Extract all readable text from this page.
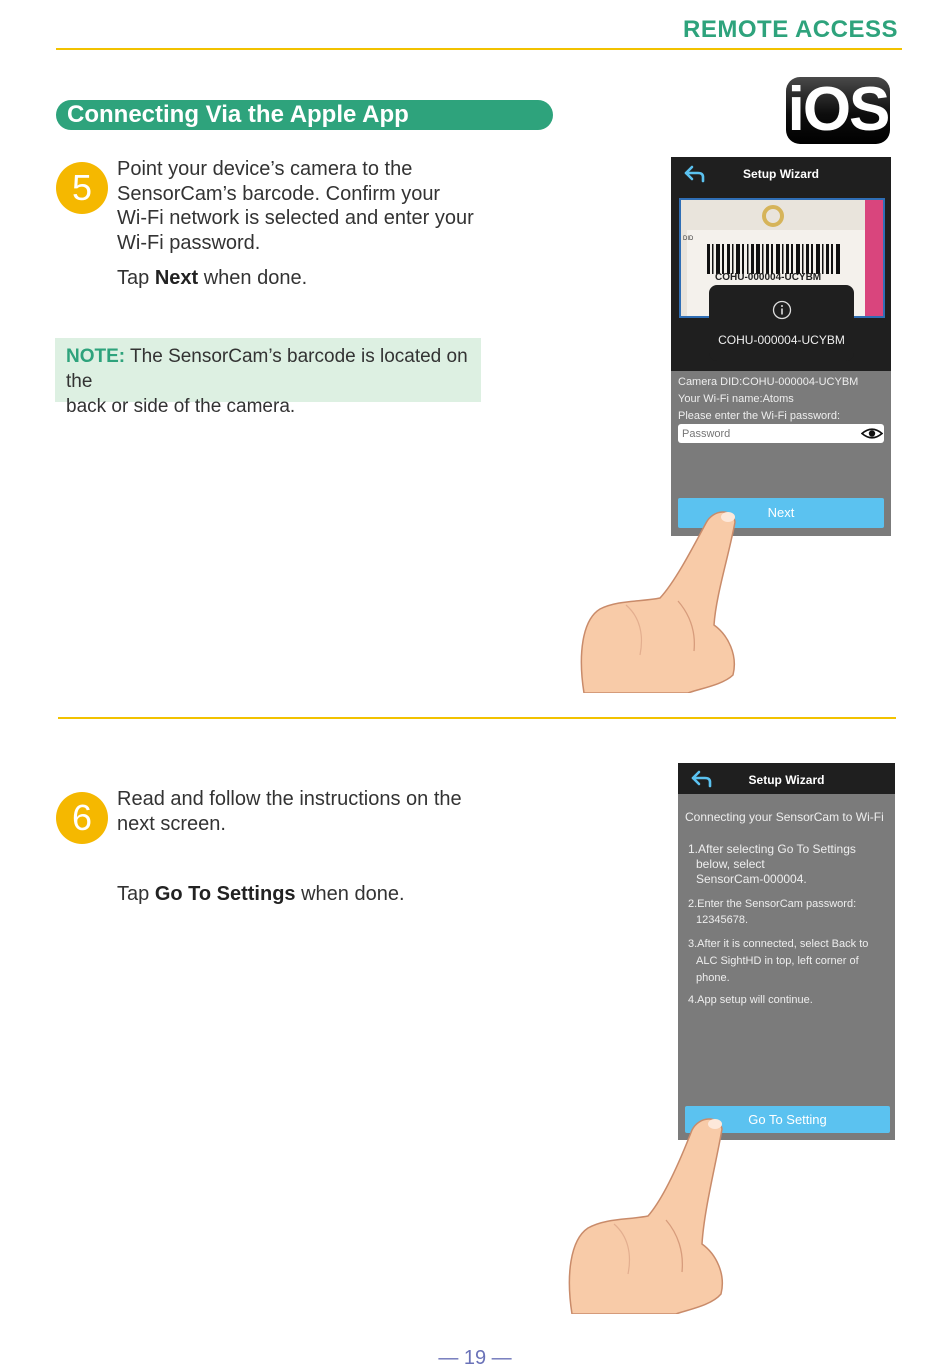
REMOTE ACCESS
Connecting Via the Apple App	iOS
5	Point your device’s camera to the
SensorCam’s barcode. Confirm your
Wi-Fi network is selected and enter your
Wi-Fi password.
Tap Next when done.
NOTE: The SensorCam’s barcode is located on the
back or side of the camera.
Setup Wizard
DID
COHU-000004-UCYBM
COHU-000004-UCYBM
Camera DID:COHU-000004-UCYBM
Your Wi-Fi name:Atoms
Please enter the Wi-Fi password:
Password
Next
6	Read and follow the instructions on the
next screen.
Tap Go To Settings when done.
Setup Wizard
Connecting your SensorCam to Wi-Fi
1.After selecting Go To Settings
below, select
SensorCam-000004.
2.Enter the SensorCam password:
12345678.
3.After it is connected, select Back to
ALC SightHD in top, left corner of
phone.
4.App setup will continue.
Go To Setting
— 19 —
